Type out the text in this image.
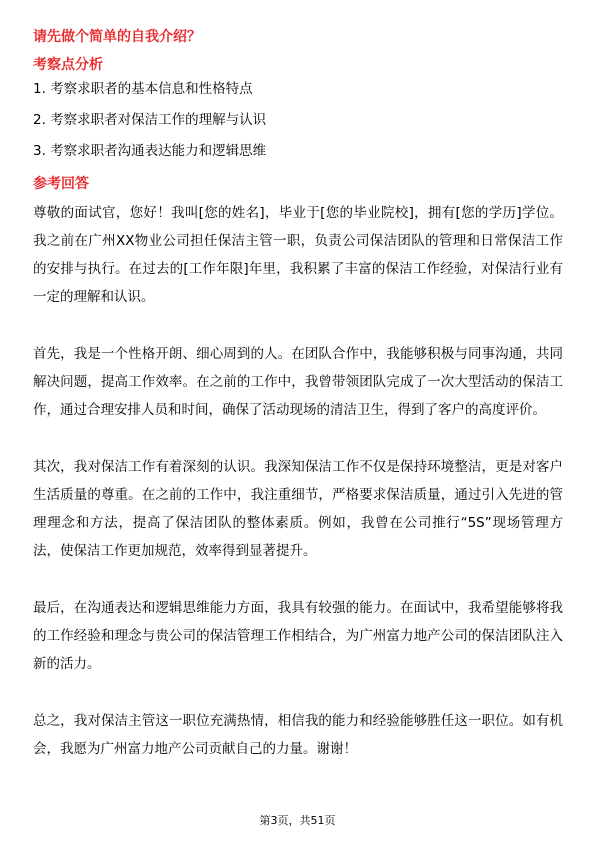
请先做个简单的自我介绍？
考察点分析
1. 考察求职者的基本信息和性格特点
2. 考察求职者对保洁工作的理解与认识
3. 考察求职者沟通表达能力和逻辑思维
参考回答

尊敬的面试官，您好！我叫[您的姓名]，毕业于[您的毕业院校]，拥有[您的学历]学位。我之前在广州XX物业公司担任保洁主管一职，负责公司保洁团队的管理和日常保洁工作的安排与执行。在过去的[工作年限]年里，我积累了丰富的保洁工作经验，对保洁行业有一定的理解和认识。

首先，我是一个性格开朗、细心周到的人。在团队合作中，我能够积极与同事沟通，共同解决问题，提高工作效率。在之前的工作中，我曾带领团队完成了一次大型活动的保洁工作，通过合理安排人员和时间，确保了活动现场的清洁卫生，得到了客户的高度评价。

其次，我对保洁工作有着深刻的认识。我深知保洁工作不仅是保持环境整洁，更是对客户生活质量的尊重。在之前的工作中，我注重细节，严格要求保洁质量，通过引入先进的管理理念和方法，提高了保洁团队的整体素质。例如，我曾在公司推行“5S”现场管理方法，使保洁工作更加规范，效率得到显著提升。

最后，在沟通表达和逻辑思维能力方面，我具有较强的能力。在面试中，我希望能够将我的工作经验和理念与贵公司的保洁管理工作相结合，为广州富力地产公司的保洁团队注入新的活力。

总之，我对保洁主管这一职位充满热情，相信我的能力和经验能够胜任这一职位。如有机会，我愿为广州富力地产公司贡献自己的力量。谢谢！

第3页，共51页
